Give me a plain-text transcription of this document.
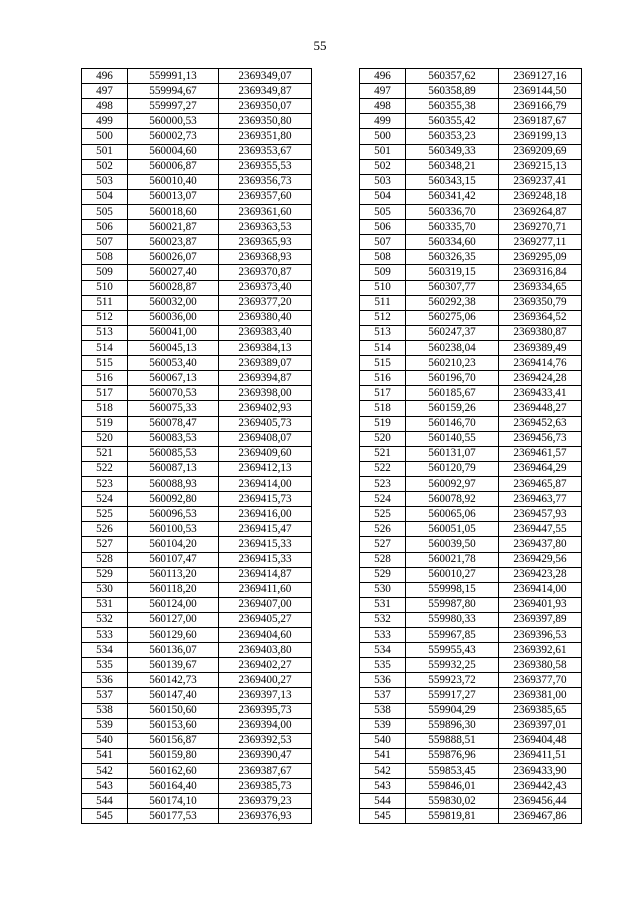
55
496	559991,13	2369349,07		496	560357,62	2369127,16
497	559994,67	2369349,87		497	560358,89	2369144,50
498	559997,27	2369350,07		498	560355,38	2369166,79
499	560000,53	2369350,80		499	560355,42	2369187,67
500	560002,73	2369351,80		500	560353,23	2369199,13
501	560004,60	2369353,67		501	560349,33	2369209,69
502	560006,87	2369355,53		502	560348,21	2369215,13
503	560010,40	2369356,73		503	560343,15	2369237,41
504	560013,07	2369357,60		504	560341,42	2369248,18
505	560018,60	2369361,60		505	560336,70	2369264,87
506	560021,87	2369363,53		506	560335,70	2369270,71
507	560023,87	2369365,93		507	560334,60	2369277,11
508	560026,07	2369368,93		508	560326,35	2369295,09
509	560027,40	2369370,87		509	560319,15	2369316,84
510	560028,87	2369373,40		510	560307,77	2369334,65
511	560032,00	2369377,20		511	560292,38	2369350,79
512	560036,00	2369380,40		512	560275,06	2369364,52
513	560041,00	2369383,40		513	560247,37	2369380,87
514	560045,13	2369384,13		514	560238,04	2369389,49
515	560053,40	2369389,07		515	560210,23	2369414,76
516	560067,13	2369394,87		516	560196,70	2369424,28
517	560070,53	2369398,00		517	560185,67	2369433,41
518	560075,33	2369402,93		518	560159,26	2369448,27
519	560078,47	2369405,73		519	560146,70	2369452,63
520	560083,53	2369408,07		520	560140,55	2369456,73
521	560085,53	2369409,60		521	560131,07	2369461,57
522	560087,13	2369412,13		522	560120,79	2369464,29
523	560088,93	2369414,00		523	560092,97	2369465,87
524	560092,80	2369415,73		524	560078,92	2369463,77
525	560096,53	2369416,00		525	560065,06	2369457,93
526	560100,53	2369415,47		526	560051,05	2369447,55
527	560104,20	2369415,33		527	560039,50	2369437,80
528	560107,47	2369415,33		528	560021,78	2369429,56
529	560113,20	2369414,87		529	560010,27	2369423,28
530	560118,20	2369411,60		530	559998,15	2369414,00
531	560124,00	2369407,00		531	559987,80	2369401,93
532	560127,00	2369405,27		532	559980,33	2369397,89
533	560129,60	2369404,60		533	559967,85	2369396,53
534	560136,07	2369403,80		534	559955,43	2369392,61
535	560139,67	2369402,27		535	559932,25	2369380,58
536	560142,73	2369400,27		536	559923,72	2369377,70
537	560147,40	2369397,13		537	559917,27	2369381,00
538	560150,60	2369395,73		538	559904,29	2369385,65
539	560153,60	2369394,00		539	559896,30	2369397,01
540	560156,87	2369392,53		540	559888,51	2369404,48
541	560159,80	2369390,47		541	559876,96	2369411,51
542	560162,60	2369387,67		542	559853,45	2369433,90
543	560164,40	2369385,73		543	559846,01	2369442,43
544	560174,10	2369379,23		544	559830,02	2369456,44
545	560177,53	2369376,93		545	559819,81	2369467,86
